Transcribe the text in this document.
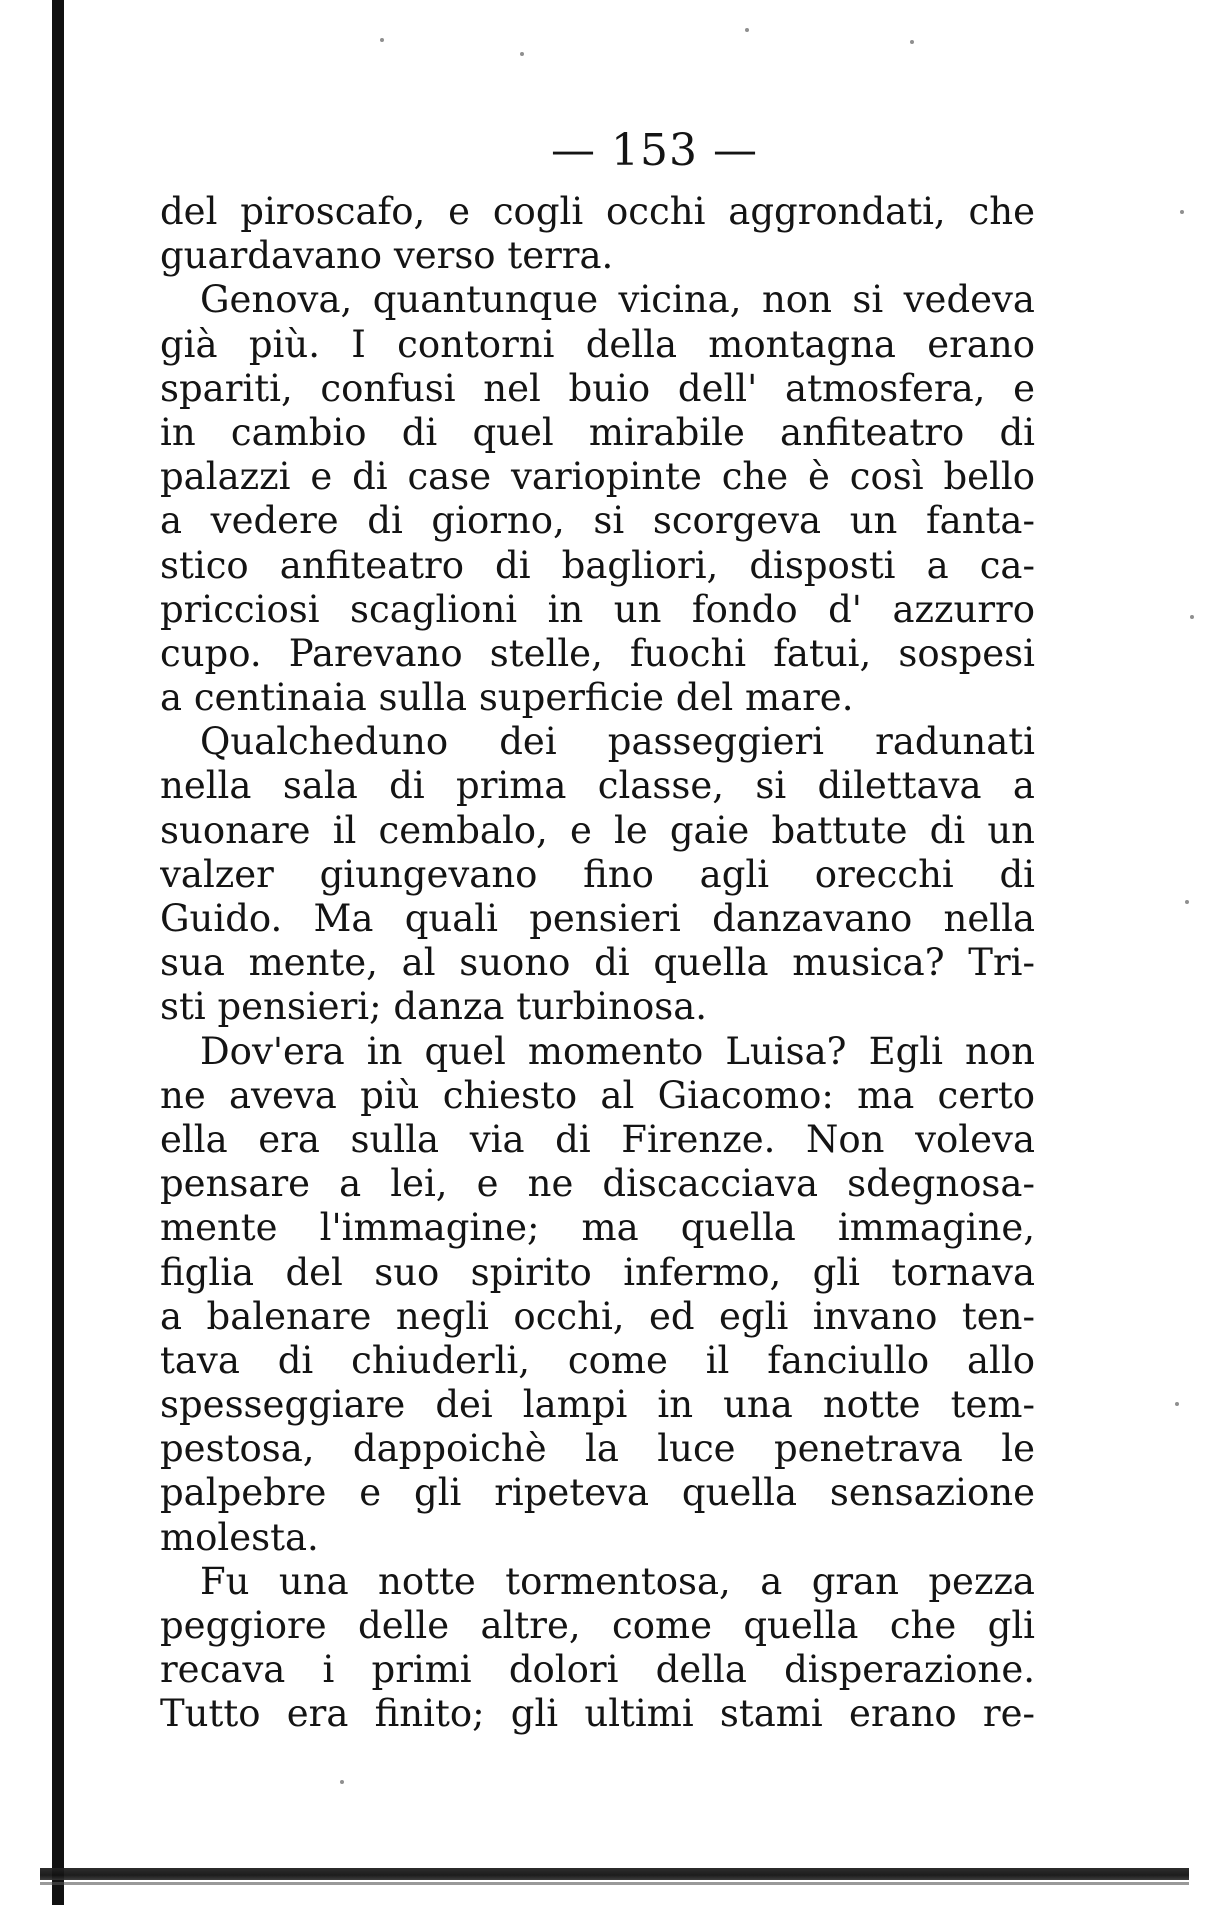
— 153 —
del piroscafo, e cogli occhi aggrondati, che
guardavano verso terra.
Genova, quantunque vicina, non si vedeva
già più. I contorni della montagna erano
spariti, confusi nel buio dell' atmosfera, e
in cambio di quel mirabile anfiteatro di
palazzi e di case variopinte che è così bello
a vedere di giorno, si scorgeva un fanta-
stico anfiteatro di bagliori, disposti a ca-
pricciosi scaglioni in un fondo d' azzurro
cupo. Parevano stelle, fuochi fatui, sospesi
a centinaia sulla superficie del mare.
Qualcheduno dei passeggieri radunati
nella sala di prima classe, si dilettava a
suonare il cembalo, e le gaie battute di un
valzer giungevano fino agli orecchi di
Guido. Ma quali pensieri danzavano nella
sua mente, al suono di quella musica? Tri-
sti pensieri; danza turbinosa.
Dov'era in quel momento Luisa? Egli non
ne aveva più chiesto al Giacomo: ma certo
ella era sulla via di Firenze. Non voleva
pensare a lei, e ne discacciava sdegnosa-
mente l'immagine; ma quella immagine,
figlia del suo spirito infermo, gli tornava
a balenare negli occhi, ed egli invano ten-
tava di chiuderli, come il fanciullo allo
spesseggiare dei lampi in una notte tem-
pestosa, dappoichè la luce penetrava le
palpebre e gli ripeteva quella sensazione
molesta.
Fu una notte tormentosa, a gran pezza
peggiore delle altre, come quella che gli
recava i primi dolori della disperazione.
Tutto era finito; gli ultimi stami erano re-
